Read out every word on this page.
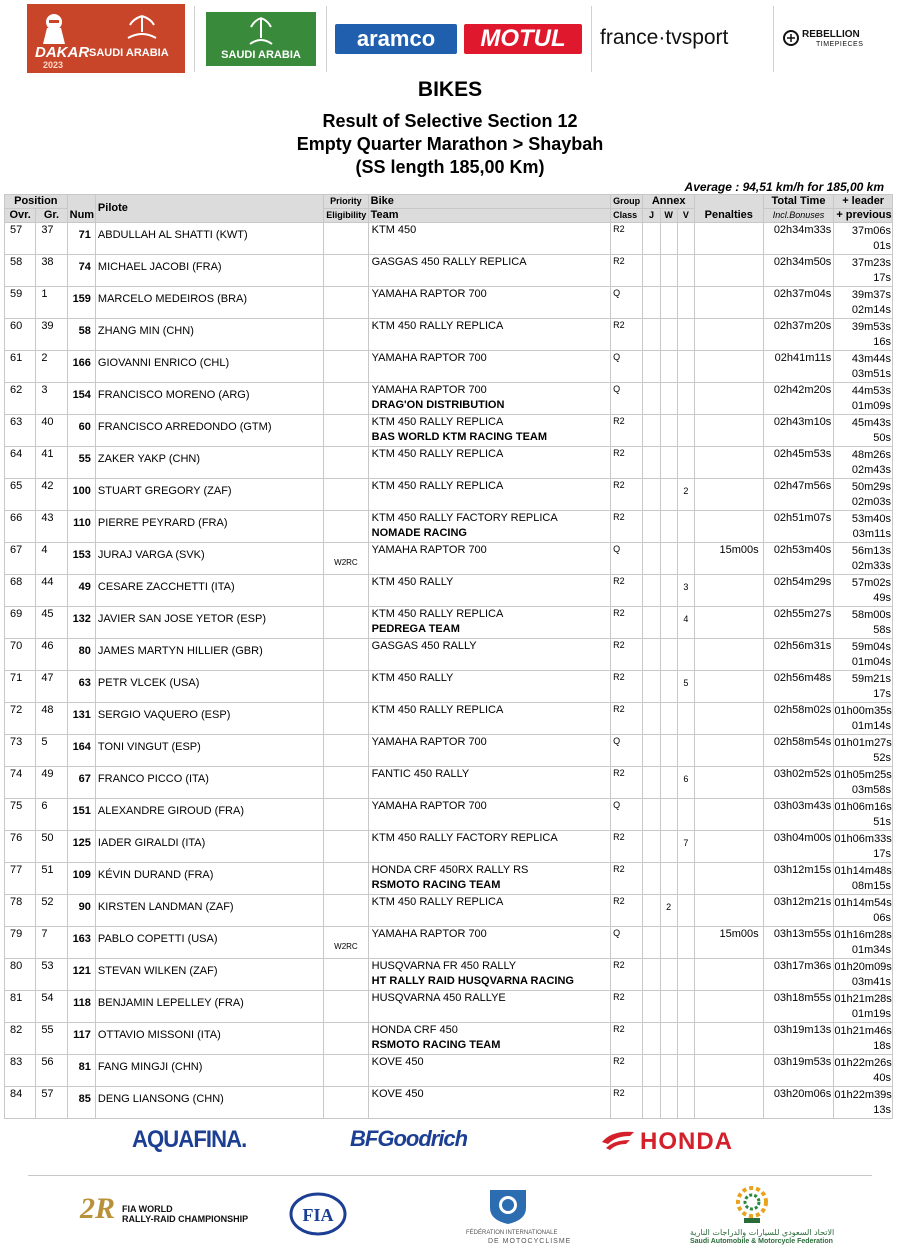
DAKAR
2023
SAUDI ARABIA	SAUDI ARABIA
aramco	MOTUL	france·tvsport	REBELLION
TIMEPIECES
BIKES
Result of Selective Section 12
Empty Quarter Marathon > Shaybah
(SS length 185,00 Km)
Average : 94,51 km/h for 185,00 km
Position		Num	Pilote	Priority	Bike	Group	Annex			Penalties	Total Time	+ leader
Ovr.	Gr.			Eligibility	Team	Class	J	W	V		Incl.Bonuses	+ previous
57	37	71	ABDULLAH AL SHATTI (KWT)		KTM 450	R2					02h34m33s	37m06s
01s

58	38	74	MICHAEL JACOBI (FRA)		GASGAS 450 RALLY REPLICA	R2					02h34m50s	37m23s
17s

59	1	159	MARCELO MEDEIROS (BRA)		YAMAHA RAPTOR 700	Q					02h37m04s	39m37s
02m14s

60	39	58	ZHANG MIN (CHN)		KTM 450 RALLY REPLICA	R2					02h37m20s	39m53s
16s

61	2	166	GIOVANNI ENRICO (CHL)		YAMAHA RAPTOR 700	Q					02h41m11s	43m44s
03m51s

62	3	154	FRANCISCO MORENO (ARG)		YAMAHA RAPTOR 700
DRAG'ON DISTRIBUTION	Q					02h42m20s	44m53s
01m09s

63	40	60	FRANCISCO ARREDONDO (GTM)		KTM 450 RALLY REPLICA
BAS WORLD KTM RACING TEAM	R2					02h43m10s	45m43s
50s

64	41	55	ZAKER YAKP (CHN)		KTM 450 RALLY REPLICA	R2					02h45m53s	48m26s
02m43s

65	42	100	STUART GREGORY (ZAF)		KTM 450 RALLY REPLICA	R2			2		02h47m56s	50m29s
02m03s

66	43	110	PIERRE PEYRARD (FRA)		KTM 450 RALLY FACTORY REPLICA
NOMADE RACING	R2					02h51m07s	53m40s
03m11s

67	4	153	JURAJ VARGA (SVK)	W2RC	YAMAHA RAPTOR 700	Q				15m00s	02h53m40s	56m13s
02m33s

68	44	49	CESARE ZACCHETTI (ITA)		KTM 450 RALLY	R2			3		02h54m29s	57m02s
49s

69	45	132	JAVIER SAN JOSE YETOR (ESP)		KTM 450 RALLY REPLICA
PEDREGA TEAM	R2			4		02h55m27s	58m00s
58s

70	46	80	JAMES MARTYN HILLIER (GBR)		GASGAS 450 RALLY	R2					02h56m31s	59m04s
01m04s

71	47	63	PETR VLCEK (USA)		KTM 450 RALLY	R2			5		02h56m48s	59m21s
17s

72	48	131	SERGIO VAQUERO (ESP)		KTM 450 RALLY REPLICA	R2					02h58m02s	01h00m35s
01m14s

73	5	164	TONI VINGUT (ESP)		YAMAHA RAPTOR 700	Q					02h58m54s	01h01m27s
52s

74	49	67	FRANCO PICCO (ITA)		FANTIC 450 RALLY	R2			6		03h02m52s	01h05m25s
03m58s

75	6	151	ALEXANDRE GIROUD (FRA)		YAMAHA RAPTOR 700	Q					03h03m43s	01h06m16s
51s

76	50	125	IADER GIRALDI (ITA)		KTM 450 RALLY FACTORY REPLICA	R2			7		03h04m00s	01h06m33s
17s

77	51	109	KÉVIN DURAND (FRA)		HONDA CRF 450RX RALLY RS
RSMOTO RACING TEAM	R2					03h12m15s	01h14m48s
08m15s

78	52	90	KIRSTEN LANDMAN (ZAF)		KTM 450 RALLY REPLICA	R2		2			03h12m21s	01h14m54s
06s

79	7	163	PABLO COPETTI (USA)	W2RC	YAMAHA RAPTOR 700	Q				15m00s	03h13m55s	01h16m28s
01m34s

80	53	121	STEVAN WILKEN (ZAF)		HUSQVARNA FR 450 RALLY
HT RALLY RAID HUSQVARNA RACING	R2					03h17m36s	01h20m09s
03m41s

81	54	118	BENJAMIN LEPELLEY (FRA)		HUSQVARNA 450 RALLYE	R2					03h18m55s	01h21m28s
01m19s

82	55	117	OTTAVIO MISSONI (ITA)		HONDA CRF 450
RSMOTO RACING TEAM	R2					03h19m13s	01h21m46s
18s

83	56	81	FANG MINGJI (CHN)		KOVE 450	R2					03h19m53s	01h22m26s
40s

84	57	85	DENG LIANSONG (CHN)		KOVE 450	R2					03h20m06s	01h22m39s
13s
AQUAFINA.	BFGoodrich	HONDA
2R FIA WORLD
RALLY-RAID CHAMPIONSHIP	FIA
FÉDÉRATION INTERNATIONALE
DE MOTOCYCLISME
الاتحاد السعودي للسيارات والدراجات النارية
Saudi Automobile & Motorcycle Federation
